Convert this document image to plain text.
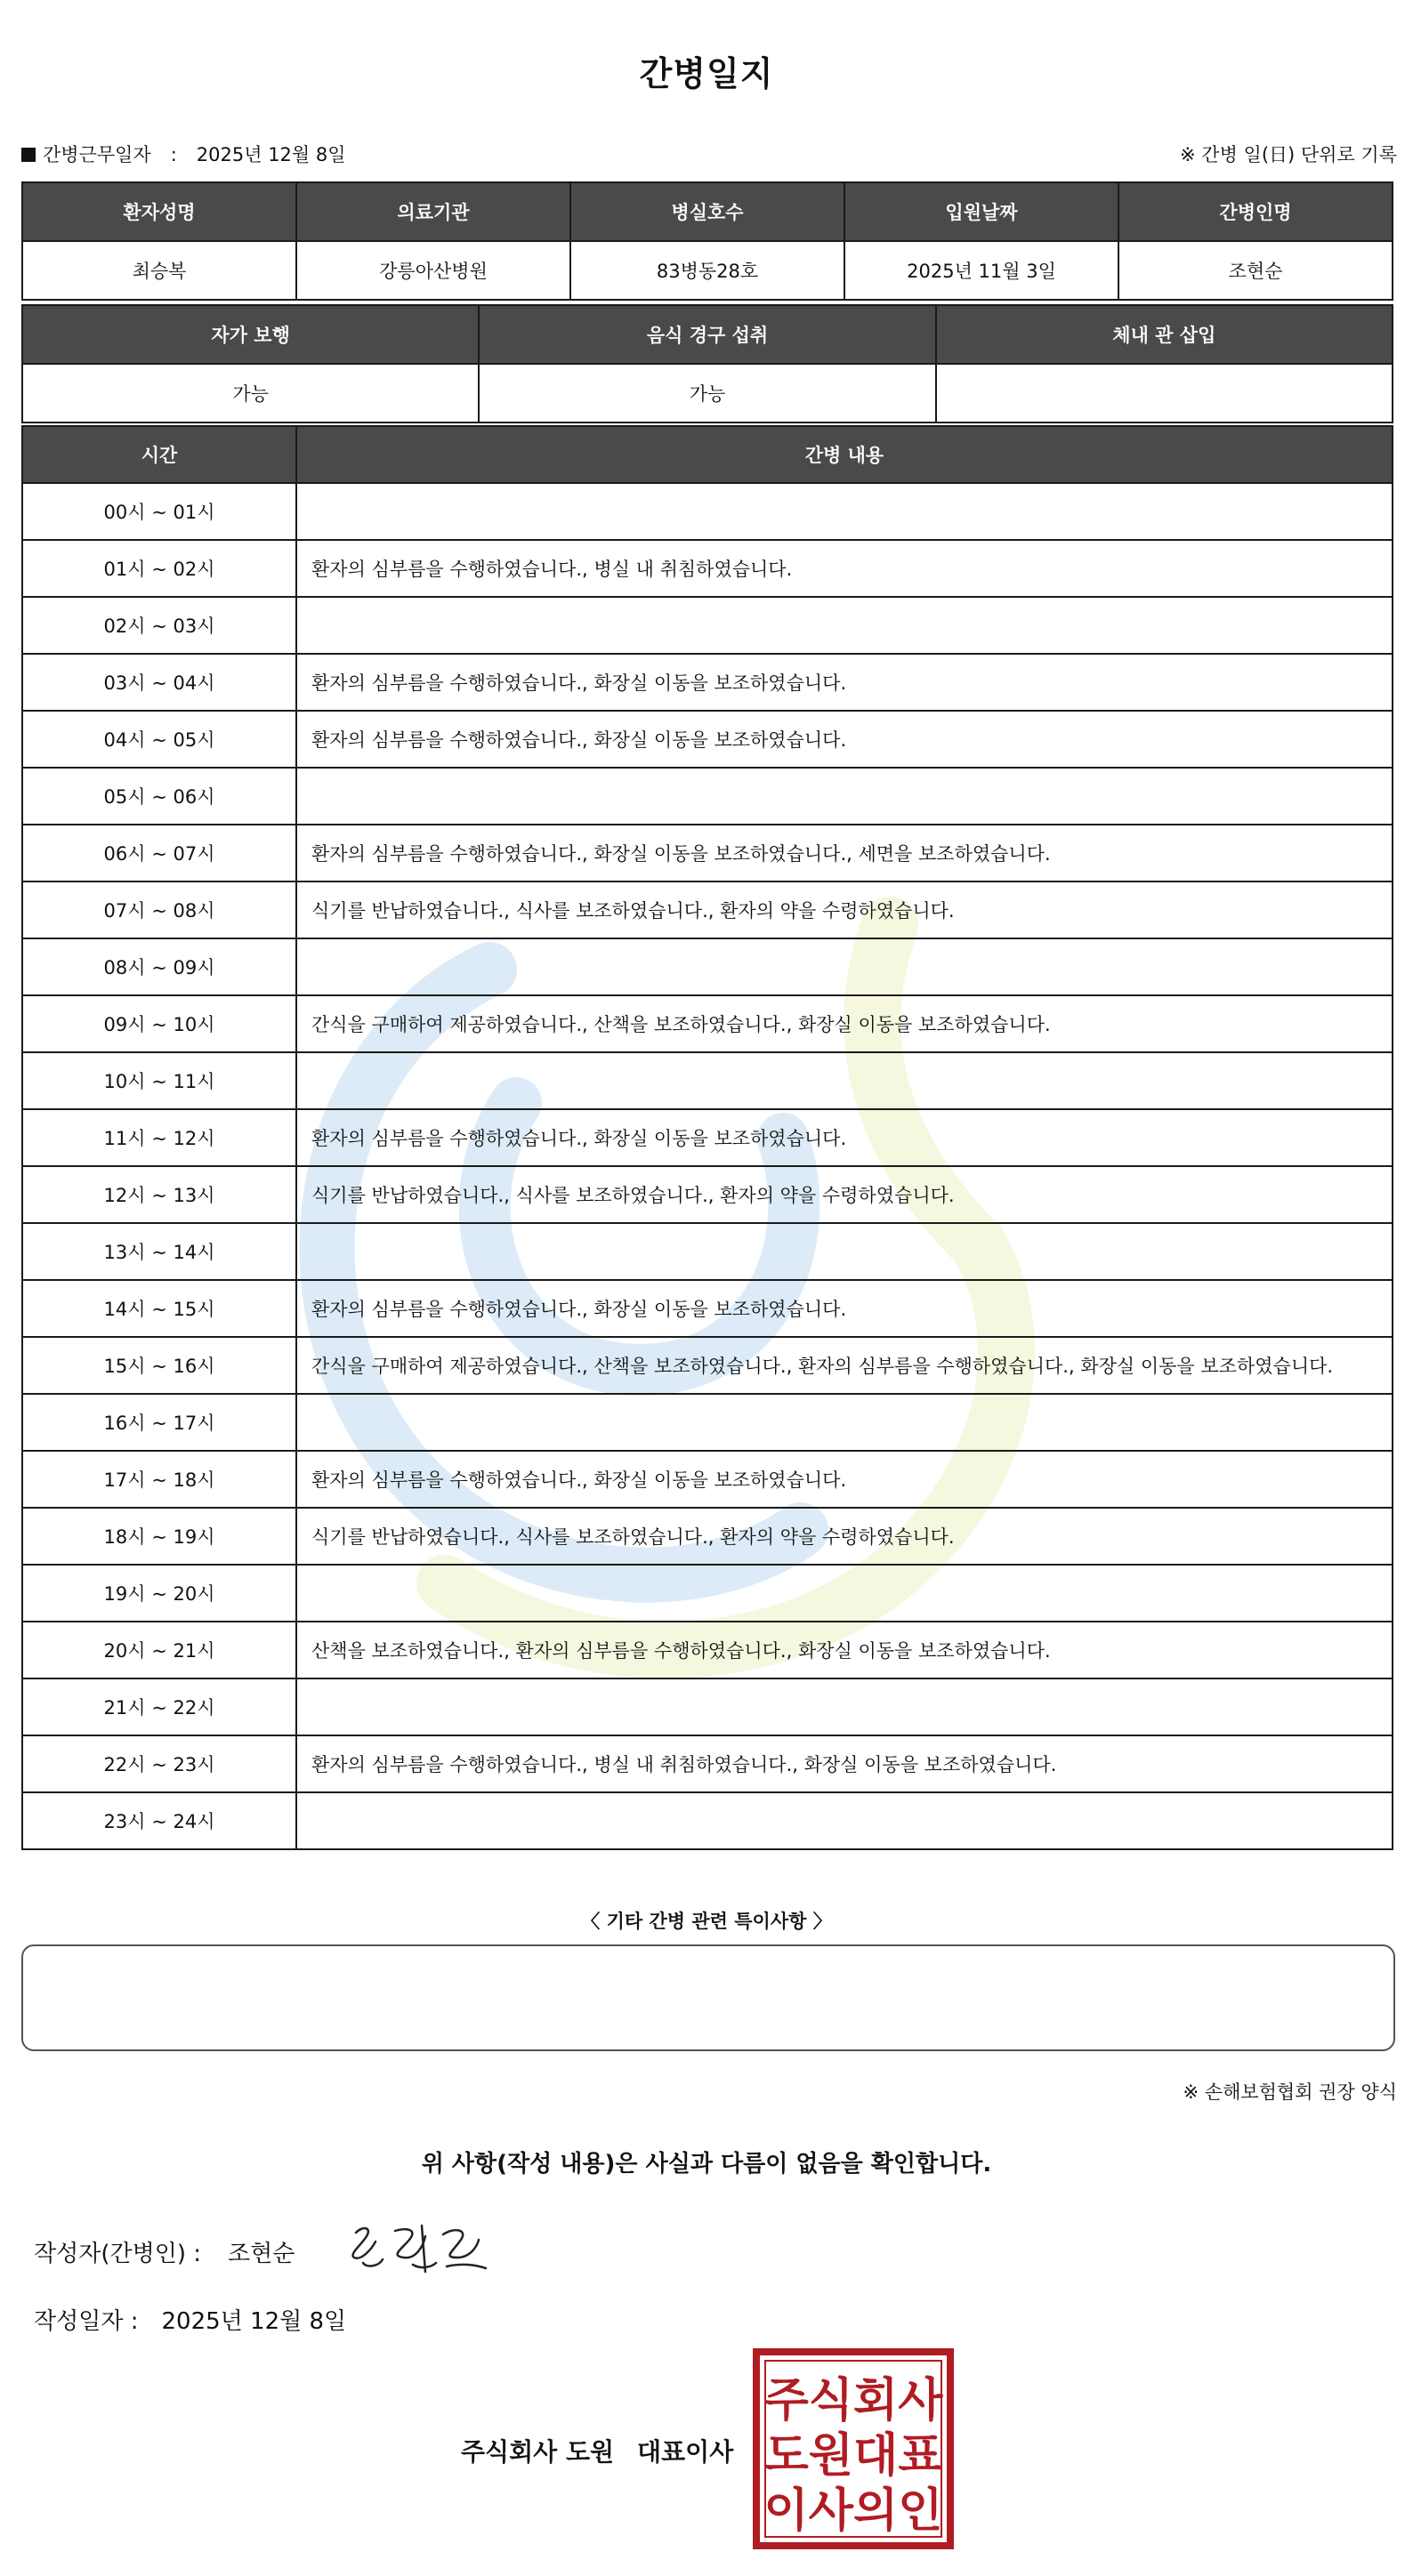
간병일지
간병근무일자 : 2025년 12월 8일	※ 간병 일(日) 단위로 기록
환자성명	의료기관	병실호수	입원날짜	간병인명
최승복	강릉아산병원	83병동28호	2025년 11월 3일	조현순
자가 보행	음식 경구 섭취	체내 관 삽입
가능	가능	
시간	간병 내용
00시 ~ 01시	
01시 ~ 02시	환자의 심부름을 수행하였습니다., 병실 내 취침하였습니다.
02시 ~ 03시	
03시 ~ 04시	환자의 심부름을 수행하였습니다., 화장실 이동을 보조하였습니다.
04시 ~ 05시	환자의 심부름을 수행하였습니다., 화장실 이동을 보조하였습니다.
05시 ~ 06시	
06시 ~ 07시	환자의 심부름을 수행하였습니다., 화장실 이동을 보조하였습니다., 세면을 보조하였습니다.
07시 ~ 08시	식기를 반납하였습니다., 식사를 보조하였습니다., 환자의 약을 수령하였습니다.
08시 ~ 09시	
09시 ~ 10시	간식을 구매하여 제공하였습니다., 산책을 보조하였습니다., 화장실 이동을 보조하였습니다.
10시 ~ 11시	
11시 ~ 12시	환자의 심부름을 수행하였습니다., 화장실 이동을 보조하였습니다.
12시 ~ 13시	식기를 반납하였습니다., 식사를 보조하였습니다., 환자의 약을 수령하였습니다.
13시 ~ 14시	
14시 ~ 15시	환자의 심부름을 수행하였습니다., 화장실 이동을 보조하였습니다.
15시 ~ 16시	간식을 구매하여 제공하였습니다., 산책을 보조하였습니다., 환자의 심부름을 수행하였습니다., 화장실 이동을 보조하였습니다.
16시 ~ 17시	
17시 ~ 18시	환자의 심부름을 수행하였습니다., 화장실 이동을 보조하였습니다.
18시 ~ 19시	식기를 반납하였습니다., 식사를 보조하였습니다., 환자의 약을 수령하였습니다.
19시 ~ 20시	
20시 ~ 21시	산책을 보조하였습니다., 환자의 심부름을 수행하였습니다., 화장실 이동을 보조하였습니다.
21시 ~ 22시	
22시 ~ 23시	환자의 심부름을 수행하였습니다., 병실 내 취침하였습니다., 화장실 이동을 보조하였습니다.
23시 ~ 24시	
〈 기타 간병 관련 특이사항 〉
※ 손해보험협회 권장 양식
위 사항(작성 내용)은 사실과 다름이 없음을 확인합니다.
작성자(간병인) : 조현순
작성일자 : 2025년 12월 8일
주식회사 도원 대표이사
주식회사
도원대표
이사의인
